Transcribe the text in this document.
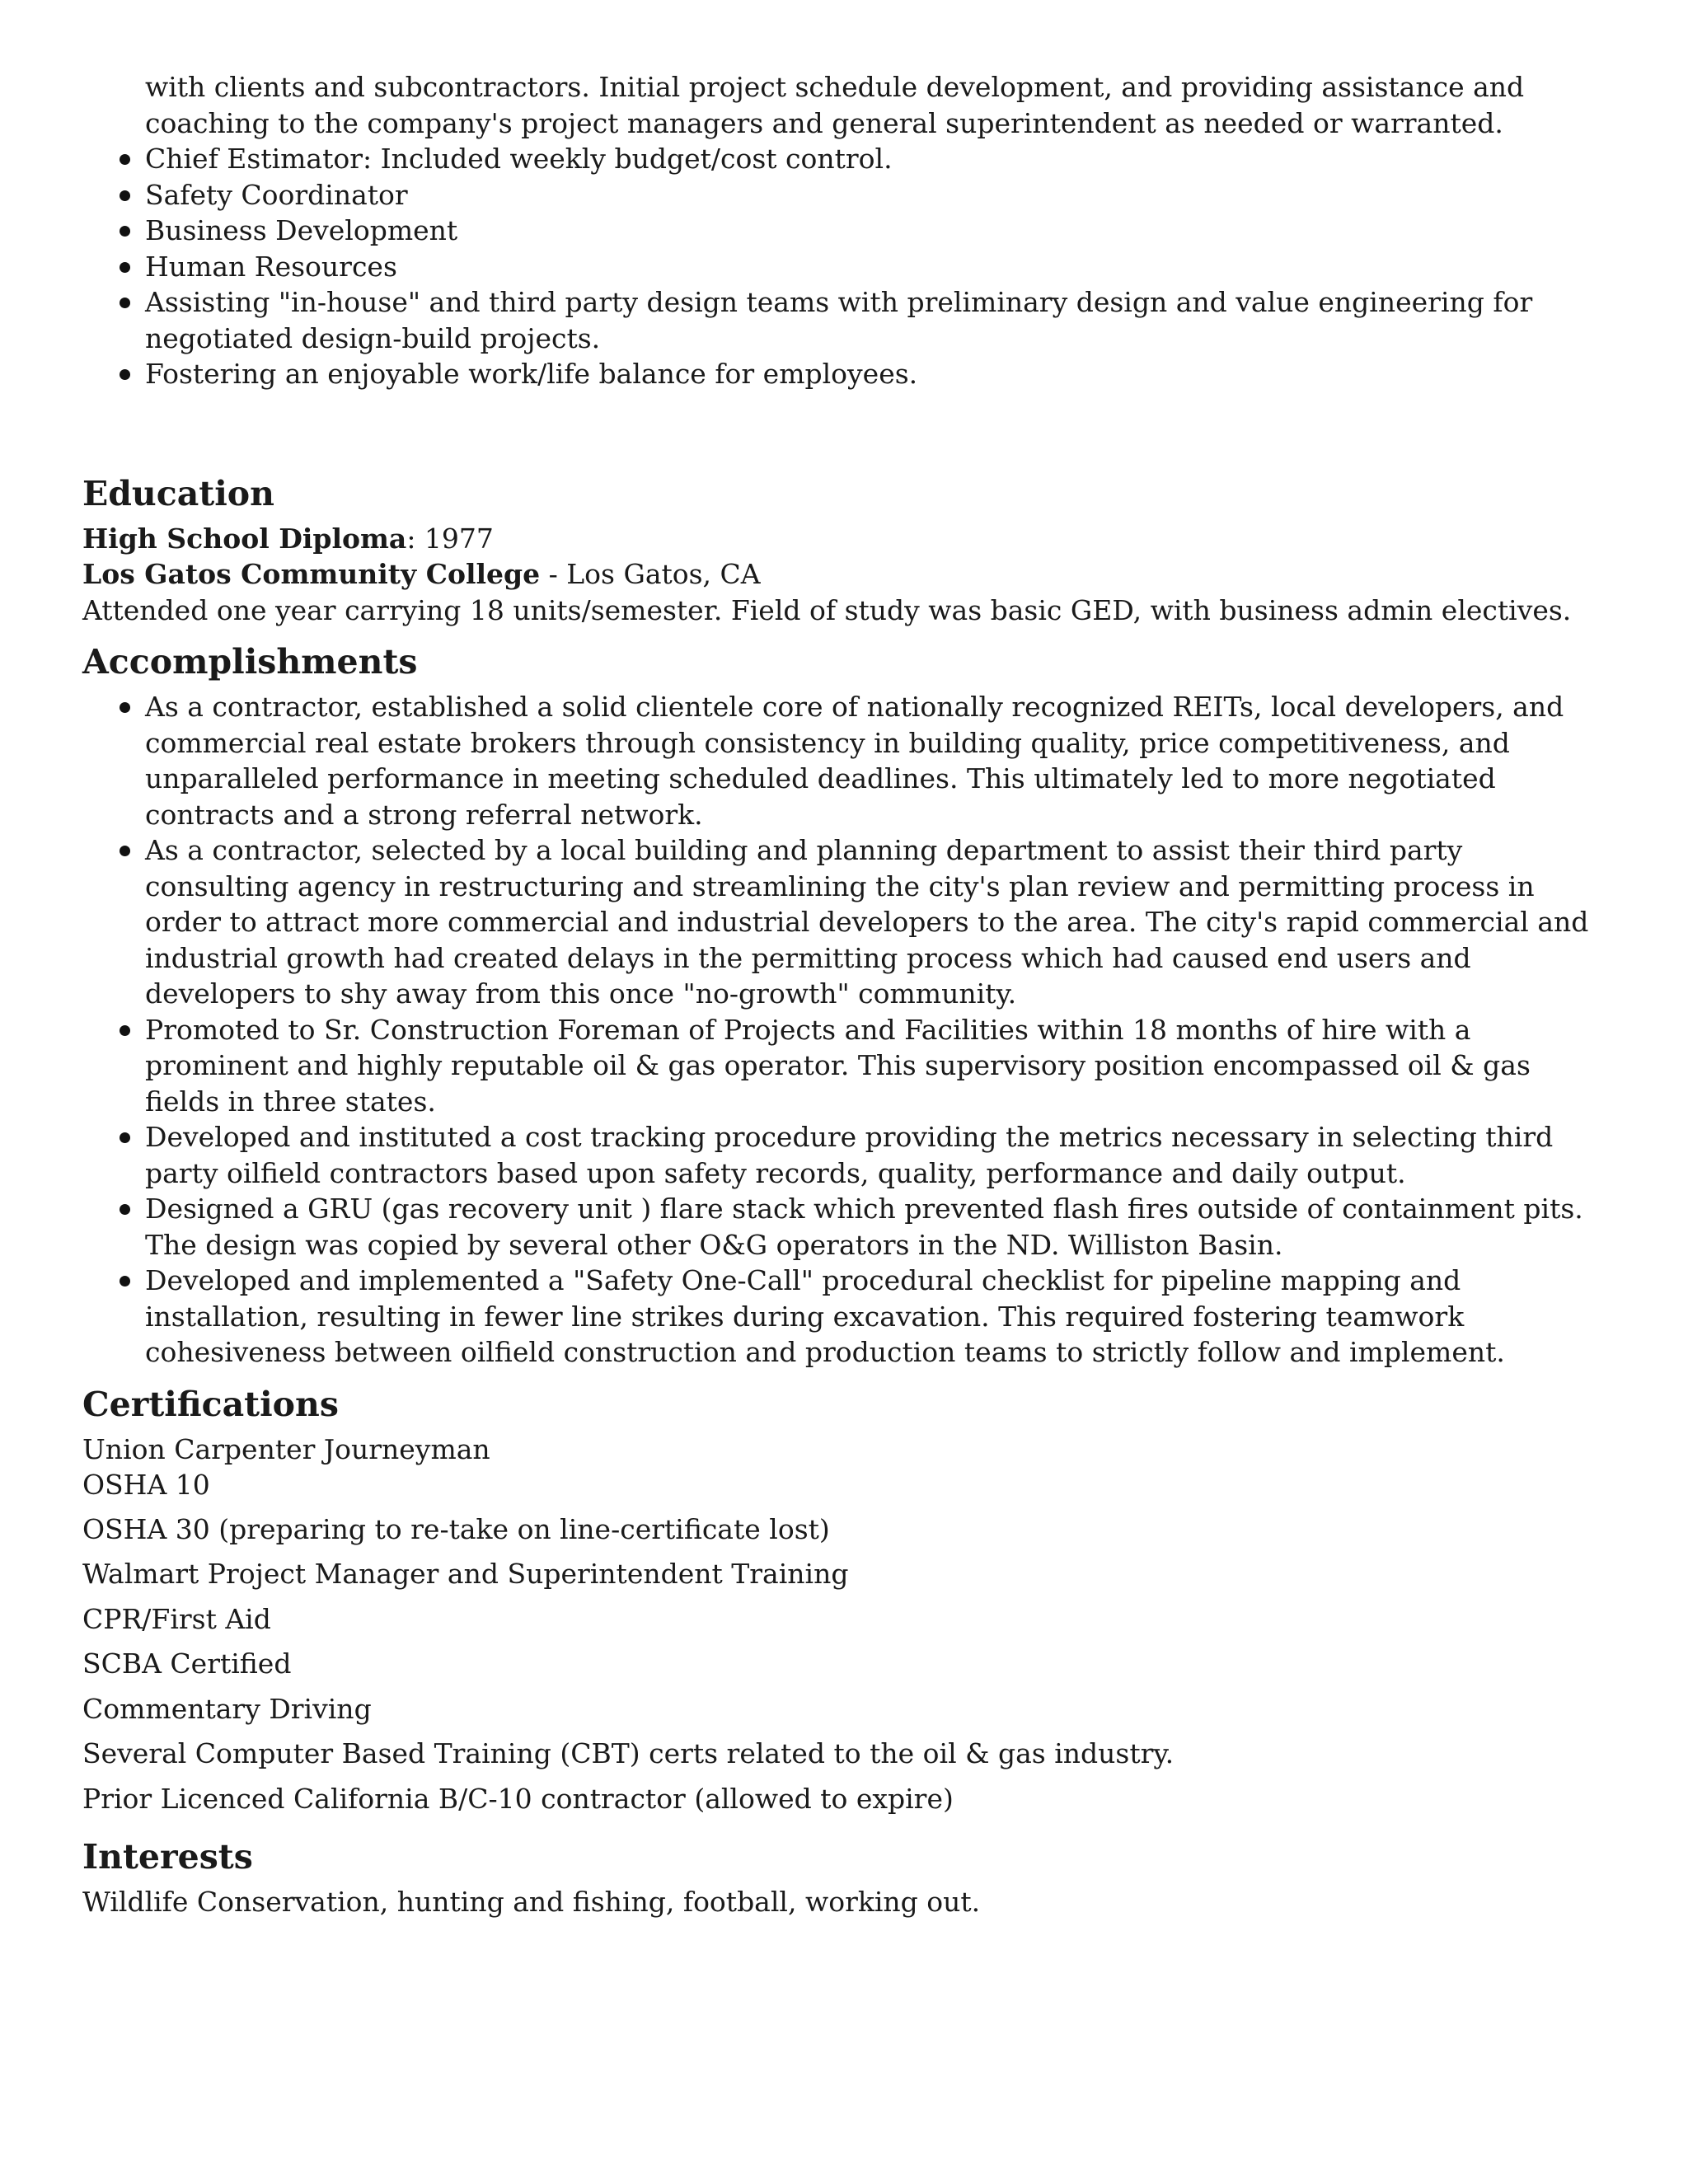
with clients and subcontractors. Initial project schedule development, and providing assistance and coaching to the company's project managers and general superintendent as needed or warranted.
Chief Estimator: Included weekly budget/cost control.
Safety Coordinator
Business Development
Human Resources
Assisting "in-house" and third party design teams with preliminary design and value engineering for negotiated design-build projects.
Fostering an enjoyable work/life balance for employees.
Education
High School Diploma: 1977
Los Gatos Community College - Los Gatos, CA
Attended one year carrying 18 units/semester. Field of study was basic GED, with business admin electives.
Accomplishments
As a contractor, established a solid clientele core of nationally recognized REITs, local developers, and commercial real estate brokers through consistency in building quality, price competitiveness, and unparalleled performance in meeting scheduled deadlines. This ultimately led to more negotiated contracts and a strong referral network.
As a contractor, selected by a local building and planning department to assist their third party consulting agency in restructuring and streamlining the city's plan review and permitting process in order to attract more commercial and industrial developers to the area. The city's rapid commercial and industrial growth had created delays in the permitting process which had caused end users and developers to shy away from this once "no-growth" community.
Promoted to Sr. Construction Foreman of Projects and Facilities within 18 months of hire with a prominent and highly reputable oil & gas operator. This supervisory position encompassed oil & gas fields in three states.
Developed and instituted a cost tracking procedure providing the metrics necessary in selecting third party oilfield contractors based upon safety records, quality, performance and daily output.
Designed a GRU (gas recovery unit ) flare stack which prevented flash fires outside of containment pits. The design was copied by several other O&G operators in the ND. Williston Basin.
Developed and implemented a "Safety One-Call" procedural checklist for pipeline mapping and installation, resulting in fewer line strikes during excavation. This required fostering teamwork cohesiveness between oilfield construction and production teams to strictly follow and implement.
Certifications
Union Carpenter Journeyman
OSHA 10
OSHA 30 (preparing to re-take on line-certificate lost)
Walmart Project Manager and Superintendent Training
CPR/First Aid
SCBA Certified
Commentary Driving
Several Computer Based Training (CBT) certs related to the oil & gas industry.
Prior Licenced California B/C-10 contractor (allowed to expire)
Interests
Wildlife Conservation, hunting and fishing, football, working out.
